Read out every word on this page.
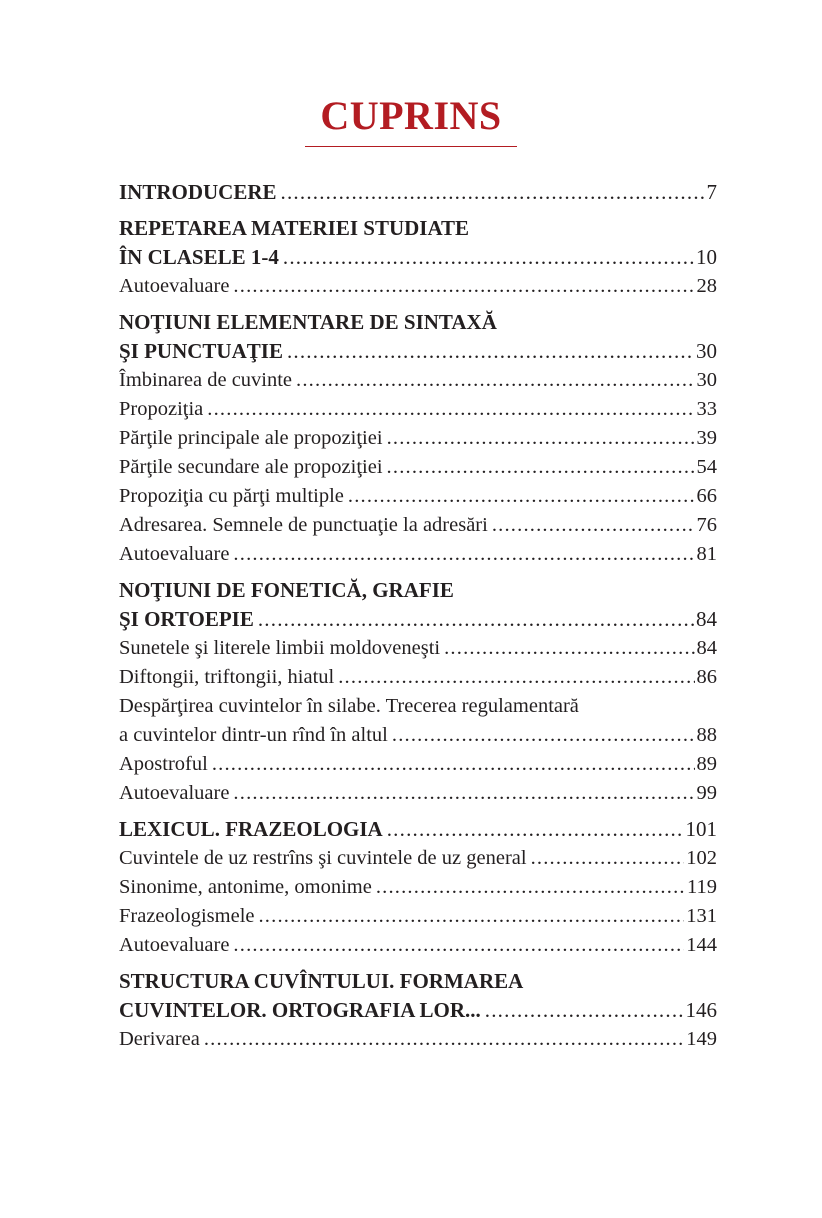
CUPRINS
INTRODUCERE .....	7
REPETAREA MATERIEI STUDIATE
ÎN CLASELE 1-4 .....	10
Autoevaluare .....	28
NOŢIUNI ELEMENTARE DE SINTAXĂ
ŞI PUNCTUAŢIE .....	30
Îmbinarea de cuvinte .....	30
Propoziţia .....	33
Părţile principale ale propoziţiei .....	39
Părţile secundare ale propoziţiei .....	54
Propoziţia cu părţi multiple .....	66
Adresarea. Semnele de punctuaţie la adresări .....	76
Autoevaluare .....	81
NOŢIUNI DE FONETICĂ, GRAFIE
ŞI ORTOEPIE .....	84
Sunetele şi literele limbii moldoveneşti .....	84
Diftongii, triftongii, hiatul .....	86
Despărţirea cuvintelor în silabe. Trecerea regulamentară
a cuvintelor dintr-un rînd în altul .....	88
Apostroful .....	89
Autoevaluare .....	99
LEXICUL. FRAZEOLOGIA .....	101
Cuvintele de uz restrîns şi cuvintele de uz general .....	102
Sinonime, antonime, omonime .....	119
Frazeologismele .....	131
Autoevaluare .....	144
STRUCTURA CUVÎNTULUI. FORMAREA
CUVINTELOR. ORTOGRAFIA LOR... .....	146
Derivarea .....	149
